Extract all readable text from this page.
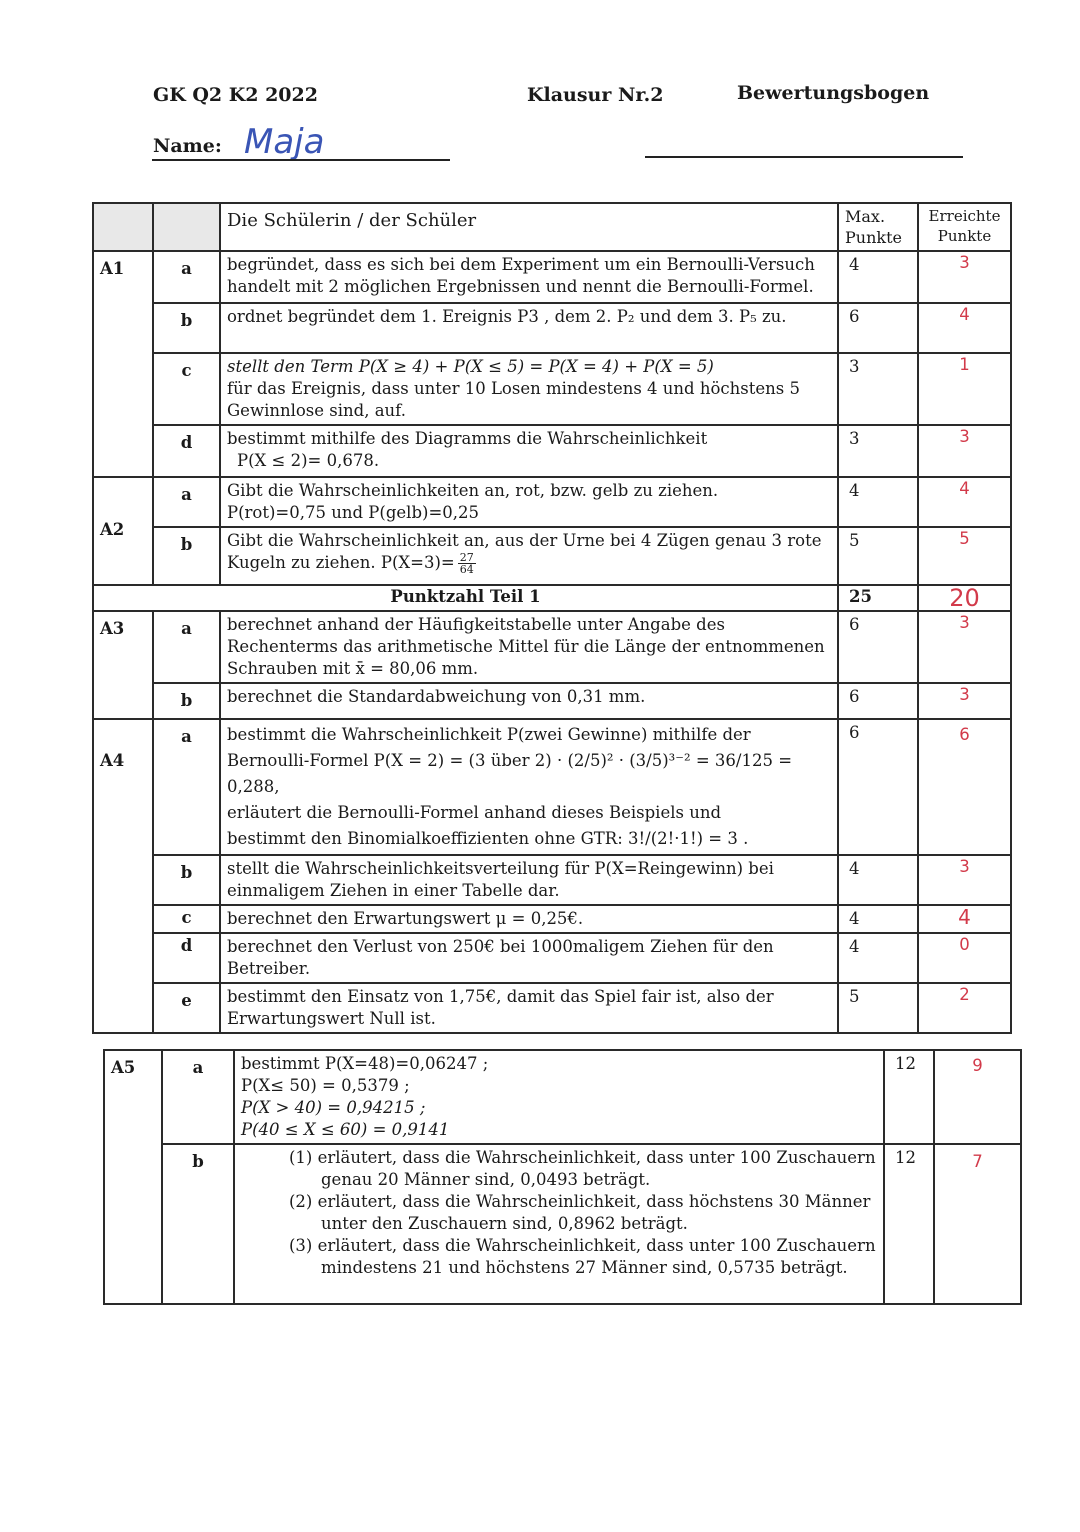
GK Q2 K2 2022	Klausur Nr.2	Bewertungsbogen
Name: Maja
		Die Schülerin / der Schüler	Max. Punkte	Erreichte Punkte
A1	a	begründet, dass es sich bei dem Experiment um ein Bernoulli-Versuch handelt mit 2 möglichen Ergebnissen und nennt die Bernoulli-Formel.	4	3
	b	ordnet begründet dem 1. Ereignis P3 , dem 2. P₂ und dem 3. P₅ zu.	6	4
	c	stellt den Term P(X ≥ 4) + P(X ≤ 5) = P(X = 4) + P(X = 5)
für das Ereignis, dass unter 10 Losen mindestens 4 und höchstens 5 Gewinnlose sind, auf.	3	1
	d	bestimmt mithilfe des Diagramms die Wahrscheinlichkeit
P(X ≤ 2)= 0,678.	3	3
A2	a	Gibt die Wahrscheinlichkeiten an, rot, bzw. gelb zu ziehen.
P(rot)=0,75 und P(gelb)=0,25	4	4
	b	Gibt die Wahrscheinlichkeit an, aus der Urne bei 4 Zügen genau 3 rote
Kugeln zu ziehen. $P(X=3)= \frac{27}{64}$	5	5
Punktzahl Teil 1			25	20
A3	a	berechnet anhand der Häufigkeitstabelle unter Angabe des Rechenterms das arithmetische Mittel für die Länge der entnommenen Schrauben mit x̄ = 80,06 mm.	6	3
	b	berechnet die Standardabweichung von 0,31 mm.	6	3
A4	a	bestimmt die Wahrscheinlichkeit P(zwei Gewinne) mithilfe der
Bernoulli-Formel P(X = 2) = (3 über 2) · (2/5)² · (3/5)³⁻² = 36/125 = 0,288,
erläutert die Bernoulli-Formel anhand dieses Beispiels und
bestimmt den Binomialkoeffizienten ohne GTR: 3!/(2!·1!) = 3 .	6	6
	b	stellt die Wahrscheinlichkeitsverteilung für P(X=Reingewinn) bei einmaligem Ziehen in einer Tabelle dar.	4	3
	c	berechnet den Erwartungswert μ = 0,25€.	4	4
	d	berechnet den Verlust von 250€ bei 1000maligem Ziehen für den Betreiber.	4	0
	e	bestimmt den Einsatz von 1,75€, damit das Spiel fair ist, also der Erwartungswert Null ist.	5	2
A5	a	bestimmt P(X=48)=0,06247 ;
P(X≤ 50) = 0,5379 ;
P(X > 40) = 0,94215 ;
P(40 ≤ X ≤ 60) = 0,9141	12	9
	b	(1) erläutert, dass die Wahrscheinlichkeit, dass unter 100 Zuschauern genau 20 Männer sind, 0,0493 beträgt.
(2) erläutert, dass die Wahrscheinlichkeit, dass höchstens 30 Männer unter den Zuschauern sind, 0,8962 beträgt.
(3) erläutert, dass die Wahrscheinlichkeit, dass unter 100 Zuschauern mindestens 21 und höchstens 27 Männer sind, 0,5735 beträgt.	12	7
